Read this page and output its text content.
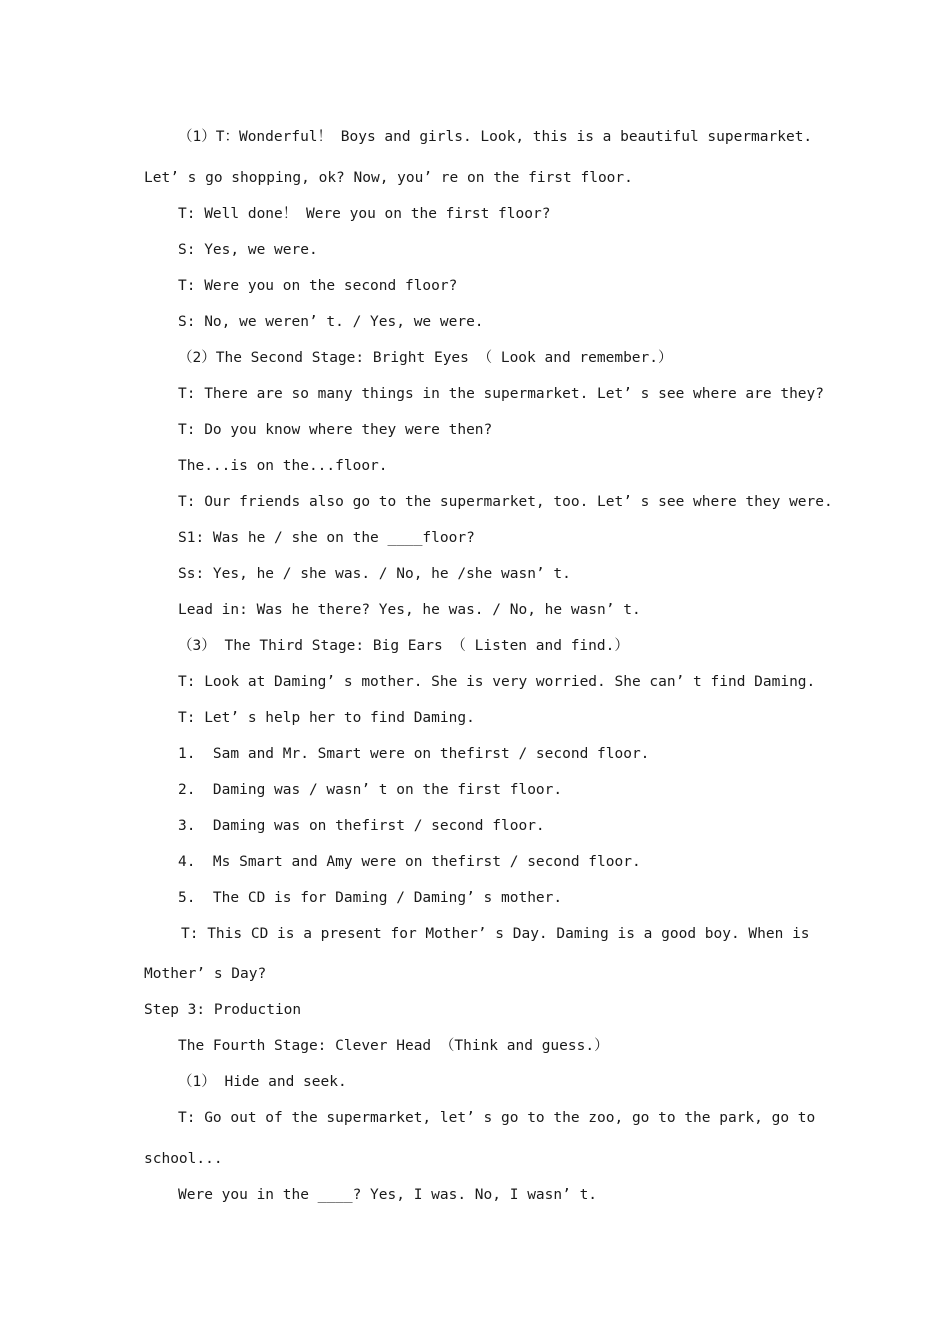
（1）T：Wonderful！ Boys and girls. Look, this is a beautiful supermarket.
Let’ s go shopping, ok? Now, you’ re on the first floor.
T: Well done！ Were you on the first floor?
S: Yes, we were.
T: Were you on the second floor?
S: No, we weren’ t. / Yes, we were.
（2）The Second Stage: Bright Eyes （ Look and remember.）
T: There are so many things in the supermarket. Let’ s see where are they?
T: Do you know where they were then?
The...is on the...floor.
T: Our friends also go to the supermarket, too. Let’ s see where they were.
S1: Was he / she on the ____floor?
Ss: Yes, he / she was. / No, he /she wasn’ t.
Lead in: Was he there? Yes, he was. / No, he wasn’ t.
（3） The Third Stage: Big Ears （ Listen and find.）
T: Look at Daming’ s mother. She is very worried. She can’ t find Daming.
T: Let’ s help her to find Daming.
1.  Sam and Mr. Smart were on thefirst / second floor.
2.  Daming was / wasn’ t on the first floor.
3.  Daming was on thefirst / second floor.
4.  Ms Smart and Amy were on thefirst / second floor.
5.  The CD is for Daming / Daming’ s mother.
T: This CD is a present for Mother’ s Day. Daming is a good boy. When is
Mother’ s Day?
Step 3: Production
The Fourth Stage: Clever Head （Think and guess.）
（1） Hide and seek.
T: Go out of the supermarket, let’ s go to the zoo, go to the park, go to
school...
Were you in the ____? Yes, I was. No, I wasn’ t.
